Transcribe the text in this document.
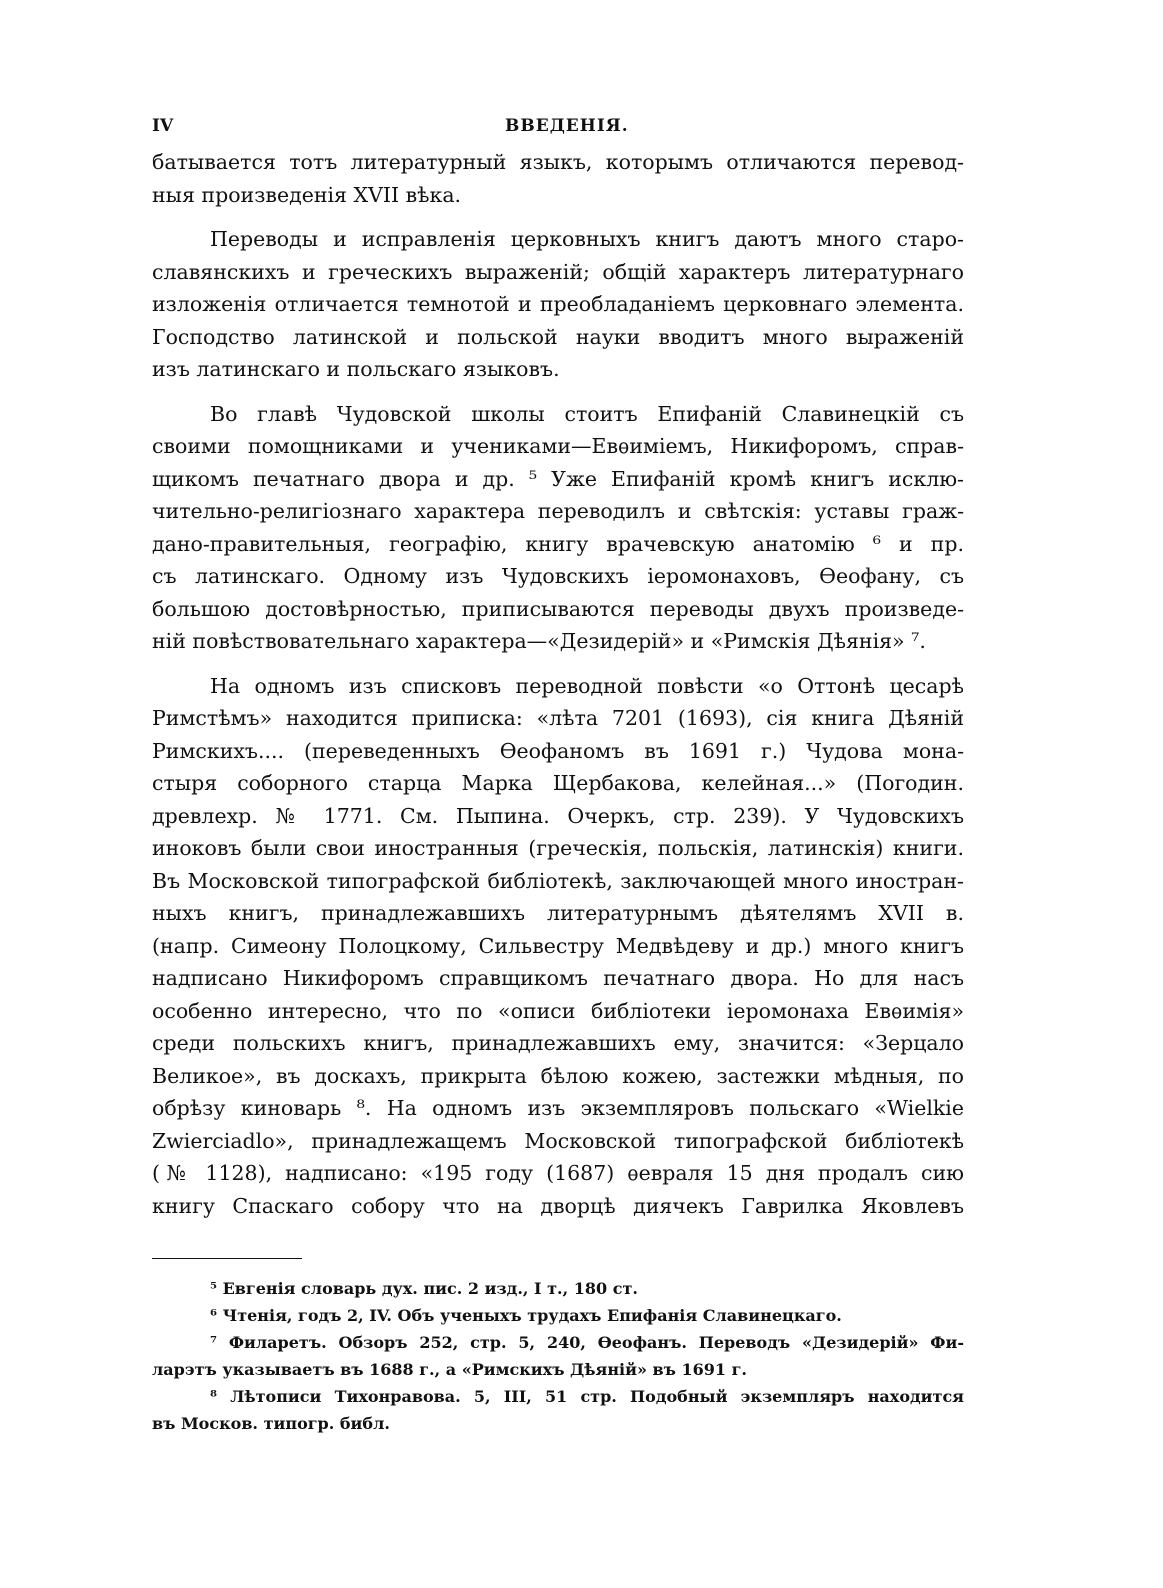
IV	ВВЕДЕНІЯ.
батывается тотъ литературный языкъ, которымъ отличаются перевод-
ныя произведенія XVII вѣка.
Переводы и исправленія церковныхъ книгъ даютъ много старо-
славянскихъ и греческихъ выраженій; общій характеръ литературнаго
изложенія отличается темнотой и преобладаніемъ церковнаго элемента.
Господство латинской и польской науки вводитъ много выраженій
изъ латинскаго и польскаго языковъ.
Во главѣ Чудовской школы стоитъ Епифаній Славинецкій съ
своими помощниками и учениками—Евѳиміемъ, Никифоромъ, справ-
щикомъ печатнаго двора и др. ⁵ Уже Епифаній кромѣ книгъ исклю-
чительно-религіознаго характера переводилъ и свѣтскія: уставы граж-
дано-правительныя, географію, книгу врачевскую анатомію ⁶ и пр.
съ латинскаго. Одному изъ Чудовскихъ іеромонаховъ, Ѳеофану, съ
большою достовѣрностью, приписываются переводы двухъ произведе-
ній повѣствовательнаго характера—«Дезидерій» и «Римскія Дѣянія» ⁷.
На одномъ изъ списковъ переводной повѣсти «о Оттонѣ цесарѣ
Римстѣмъ» находится приписка: «лѣта 7201 (1693), сія книга Дѣяній
Римскихъ.... (переведенныхъ Ѳеофаномъ въ 1691 г.) Чудова мона-
стыря соборного старца Марка Щербакова, келейная...» (Погодин.
древлехр. № 1771. См. Пыпина. Очеркъ, стр. 239). У Чудовскихъ
иноковъ были свои иностранныя (греческія, польскія, латинскія) книги.
Въ Московской типографской библіотекѣ, заключающей много иностран-
ныхъ книгъ, принадлежавшихъ литературнымъ дѣятелямъ XVII в.
(напр. Симеону Полоцкому, Сильвестру Медвѣдеву и др.) много книгъ
надписано Никифоромъ справщикомъ печатнаго двора. Но для насъ
особенно интересно, что по «описи библіотеки іеромонаха Евѳимія»
среди польскихъ книгъ, принадлежавшихъ ему, значится: «Зерцало
Великое», въ доскахъ, прикрыта бѣлою кожею, застежки мѣдныя, по
обрѣзу киноварь ⁸. На одномъ изъ экземпляровъ польскаго «Wielkie
Zwierciadlo», принадлежащемъ Московской типографской библіотекѣ
(№ 1128), надписано: «195 году (1687) ѳевраля 15 дня продалъ сию
книгу Спаскаго собору что на дворцѣ диячекъ Гаврилка Яковлевъ
⁵ Евгенія словарь дух. пис. 2 изд., I т., 180 ст.
⁶ Чтенія, годъ 2, IV. Объ ученыхъ трудахъ Епифанія Славинецкаго.
⁷ Филаретъ. Обзоръ 252, стр. 5, 240, Ѳеофанъ. Переводъ «Дезидерій» Фи-
ларэтъ указываетъ въ 1688 г., а «Римскихъ Дѣяній» въ 1691 г.
⁸ Лѣтописи Тихонравова. 5, III, 51 стр. Подобный экземпляръ находится
въ Москов. типогр. библ.
